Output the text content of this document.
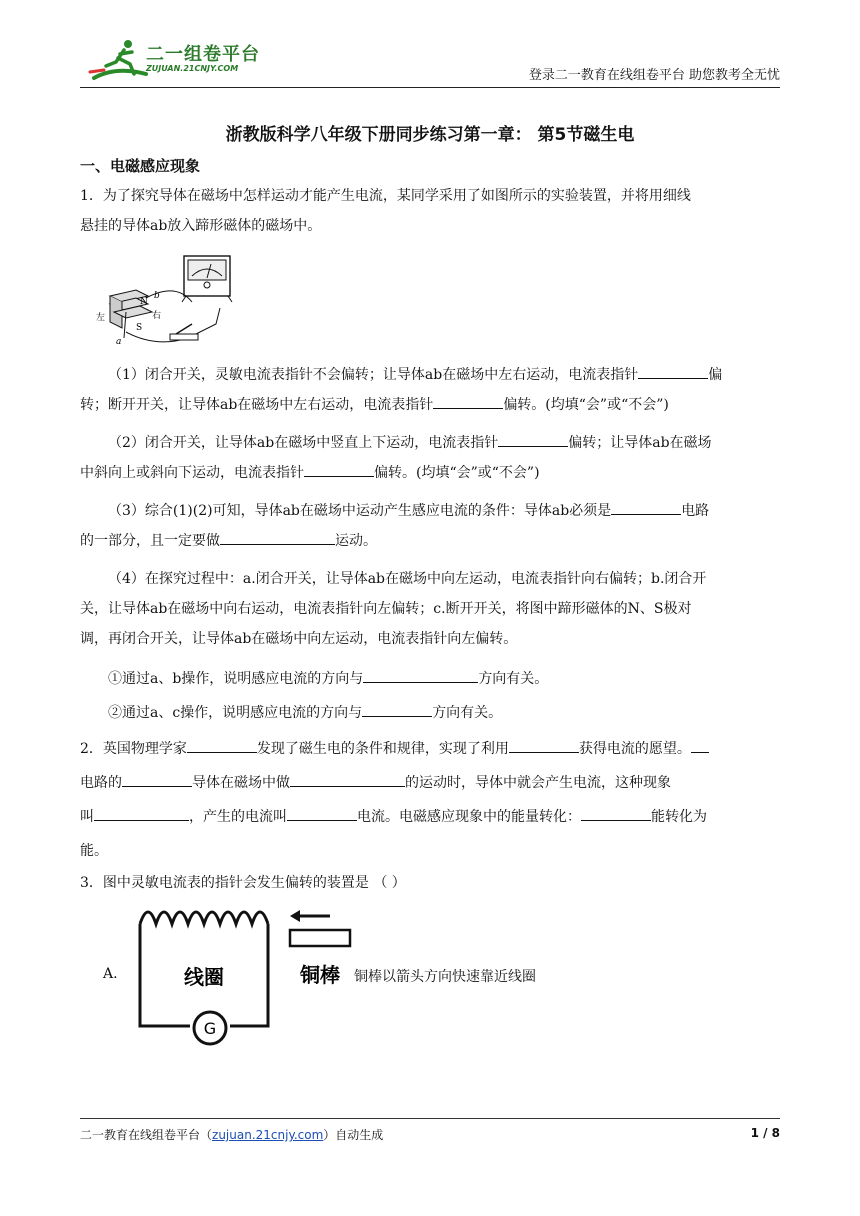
二一组卷平台
ZUJUAN.21CNJY.COM	登录二一教育在线组卷平台 助您教考全无忧
浙教版科学八年级下册同步练习第一章： 第5节磁生电
一、电磁感应现象
1．为了探究导体在磁场中怎样运动才能产生电流，某同学采用了如图所示的实验装置，并将用细线
悬挂的导体ab放入蹄形磁体的磁场中。
N
b
左
S
右
a
（1）闭合开关，灵敏电流表指针不会偏转；让导体ab在磁场中左右运动，电流表指针	偏
转；断开开关，让导体ab在磁场中左右运动，电流表指针	偏转。(均填“会”或“不会”)
（2）闭合开关，让导体ab在磁场中竖直上下运动，电流表指针	偏转；让导体ab在磁场
中斜向上或斜向下运动，电流表指针	偏转。(均填“会”或“不会”)
（3）综合(1)(2)可知，导体ab在磁场中运动产生感应电流的条件：导体ab必须是	电路
的一部分，且一定要做	运动。
（4）在探究过程中：a.闭合开关，让导体ab在磁场中向左运动，电流表指针向右偏转；b.闭合开
关，让导体ab在磁场中向右运动，电流表指针向左偏转；c.断开开关，将图中蹄形磁体的N、S极对
调，再闭合开关，让导体ab在磁场中向左运动，电流表指针向左偏转。
①通过a、b操作，说明感应电流的方向与	方向有关。
②通过a、c操作，说明感应电流的方向与	方向有关。
2．英国物理学家	发现了磁生电的条件和规律，实现了利用	获得电流的愿望。
电路的	导体在磁场中做	的运动时，导体中就会产生电流，这种现象
叫	，产生的电流叫	电流。电磁感应现象中的能量转化：	能转化为
能。
3．图中灵敏电流表的指针会发生偏转的装置是 （ ）
A.
G
线圈	铜棒 铜棒以箭头方向快速靠近线圈
二一教育在线组卷平台（zujuan.21cnjy.com）自动生成	1 / 8
